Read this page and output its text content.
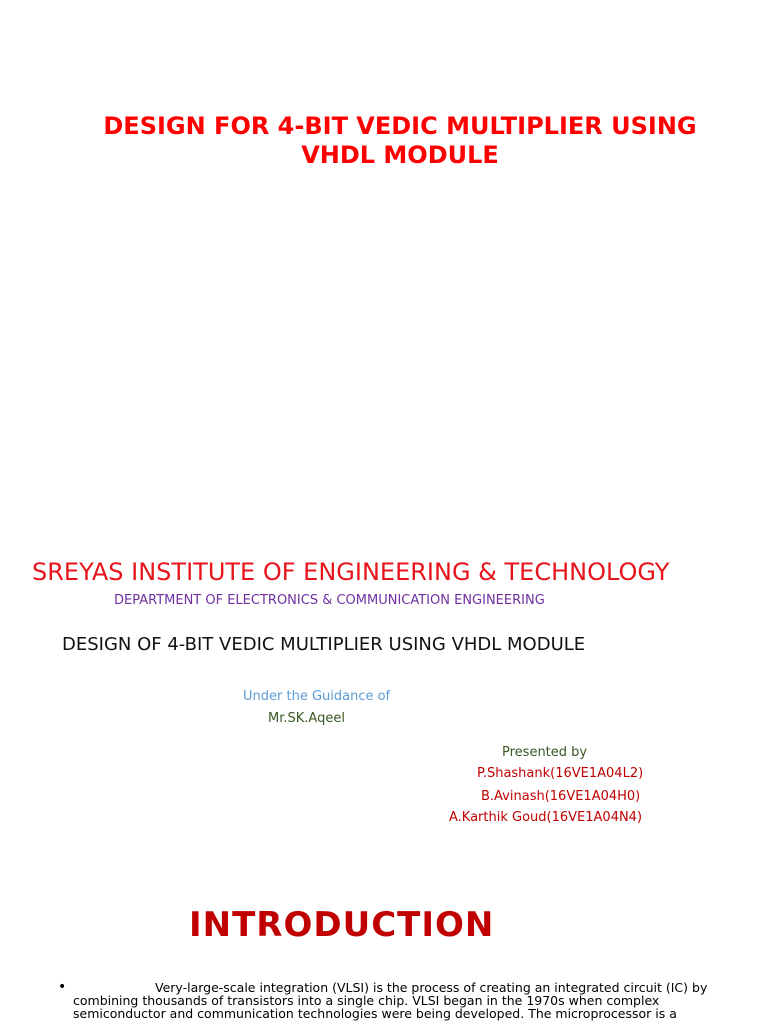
DESIGN FOR 4-BIT VEDIC MULTIPLIER USING
VHDL MODULE
SREYAS INSTITUTE OF ENGINEERING & TECHNOLOGY
DEPARTMENT OF ELECTRONICS & COMMUNICATION ENGINEERING
DESIGN OF 4-BIT VEDIC MULTIPLIER USING VHDL MODULE
Under the Guidance of
Mr.SK.Aqeel
Presented by
P.Shashank(16VE1A04L2)
B.Avinash(16VE1A04H0)
A.Karthik Goud(16VE1A04N4)
INTRODUCTION
•	Very-large-scale integration (VLSI) is the process of creating an integrated circuit (IC) by combining thousands of transistors into a single chip. VLSI began in the 1970s when complex semiconductor and communication technologies were being developed. The microprocessor is a
